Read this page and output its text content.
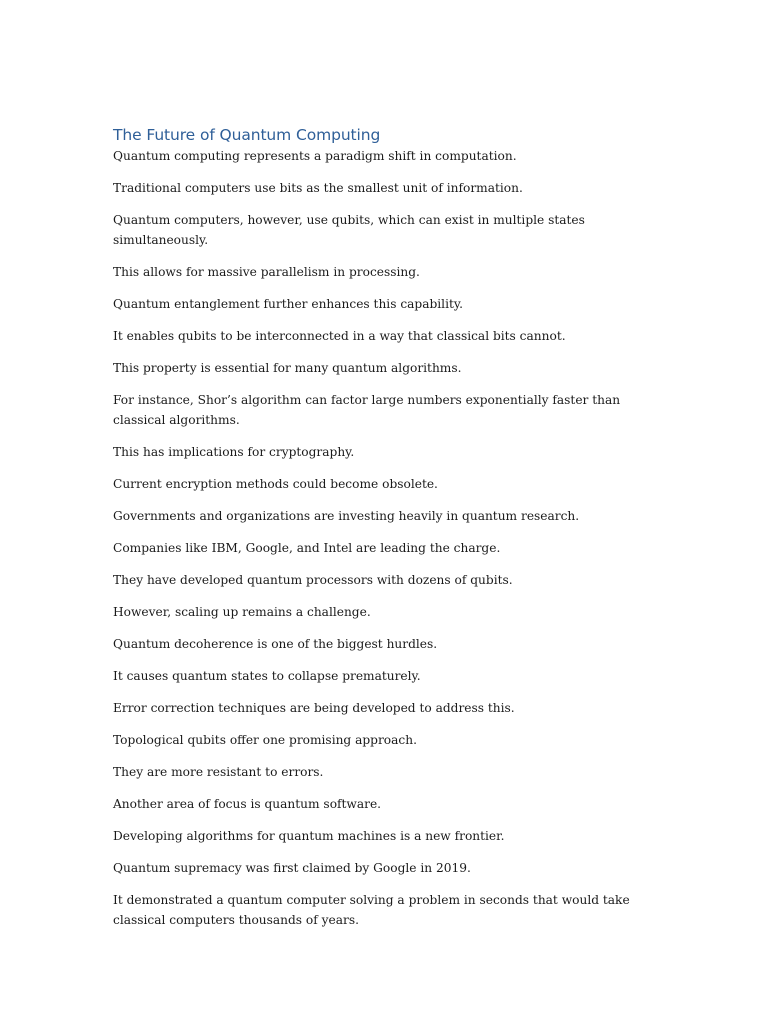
The Future of Quantum Computing

Quantum computing represents a paradigm shift in computation.

Traditional computers use bits as the smallest unit of information.

Quantum computers, however, use qubits, which can exist in multiple states simultaneously.

This allows for massive parallelism in processing.

Quantum entanglement further enhances this capability.

It enables qubits to be interconnected in a way that classical bits cannot.

This property is essential for many quantum algorithms.

For instance, Shor’s algorithm can factor large numbers exponentially faster than classical algorithms.

This has implications for cryptography.

Current encryption methods could become obsolete.

Governments and organizations are investing heavily in quantum research.

Companies like IBM, Google, and Intel are leading the charge.

They have developed quantum processors with dozens of qubits.

However, scaling up remains a challenge.

Quantum decoherence is one of the biggest hurdles.

It causes quantum states to collapse prematurely.

Error correction techniques are being developed to address this.

Topological qubits offer one promising approach.

They are more resistant to errors.

Another area of focus is quantum software.

Developing algorithms for quantum machines is a new frontier.

Quantum supremacy was first claimed by Google in 2019.

It demonstrated a quantum computer solving a problem in seconds that would take classical computers thousands of years.
